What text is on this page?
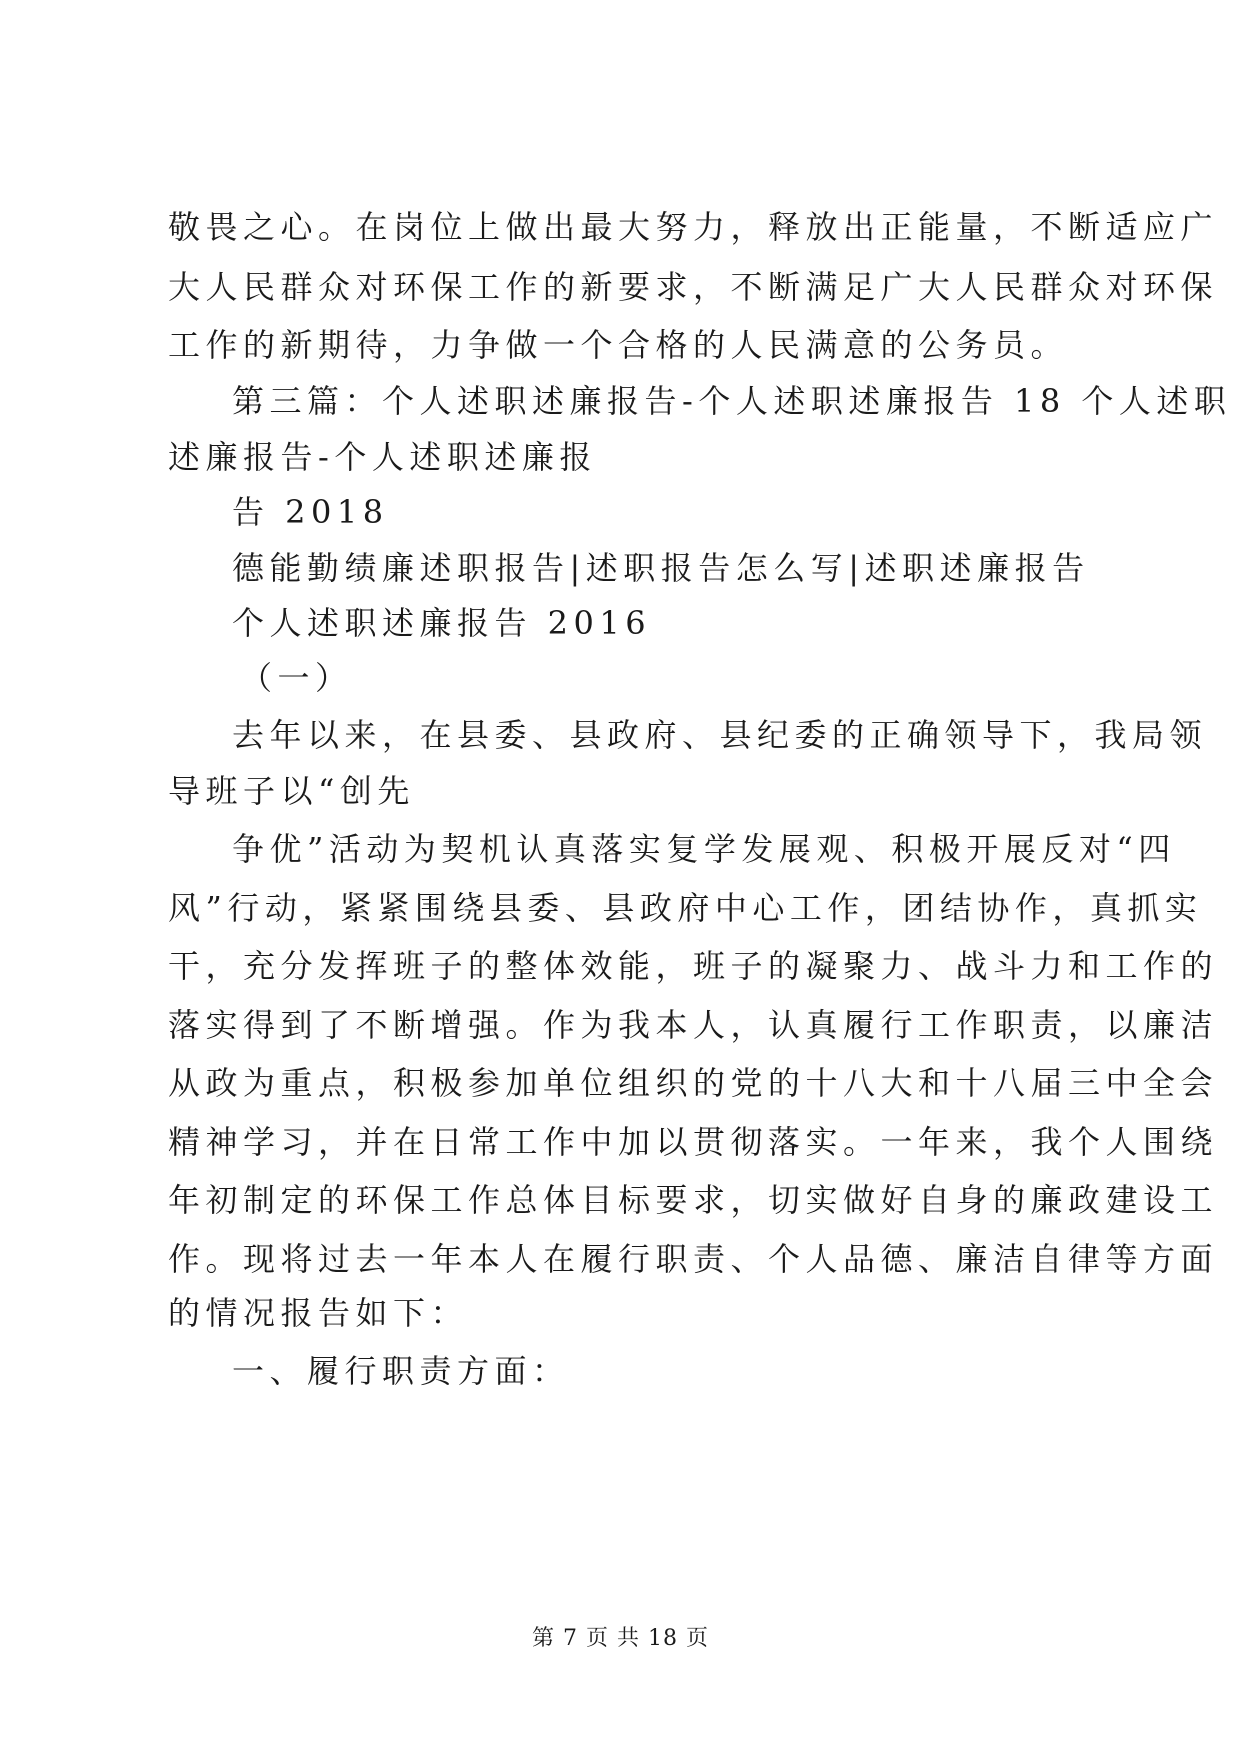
敬畏之心。在岗位上做出最大努力，释放出正能量，不断适应广
大人民群众对环保工作的新要求，不断满足广大人民群众对环保
工作的新期待，力争做一个合格的人民满意的公务员。
第三篇：个人述职述廉报告-个人述职述廉报告 18 个人述职
述廉报告-个人述职述廉报
告 2018
德能勤绩廉述职报告|述职报告怎么写|述职述廉报告
个人述职述廉报告 2016
（一）
去年以来，在县委、县政府、县纪委的正确领导下，我局领
导班子以“创先
争优”活动为契机认真落实复学发展观、积极开展反对“四
风”行动，紧紧围绕县委、县政府中心工作，团结协作，真抓实
干，充分发挥班子的整体效能，班子的凝聚力、战斗力和工作的
落实得到了不断增强。作为我本人，认真履行工作职责，以廉洁
从政为重点，积极参加单位组织的党的十八大和十八届三中全会
精神学习，并在日常工作中加以贯彻落实。一年来，我个人围绕
年初制定的环保工作总体目标要求，切实做好自身的廉政建设工
作。现将过去一年本人在履行职责、个人品德、廉洁自律等方面
的情况报告如下：
一、履行职责方面：
第 7 页 共 18 页
